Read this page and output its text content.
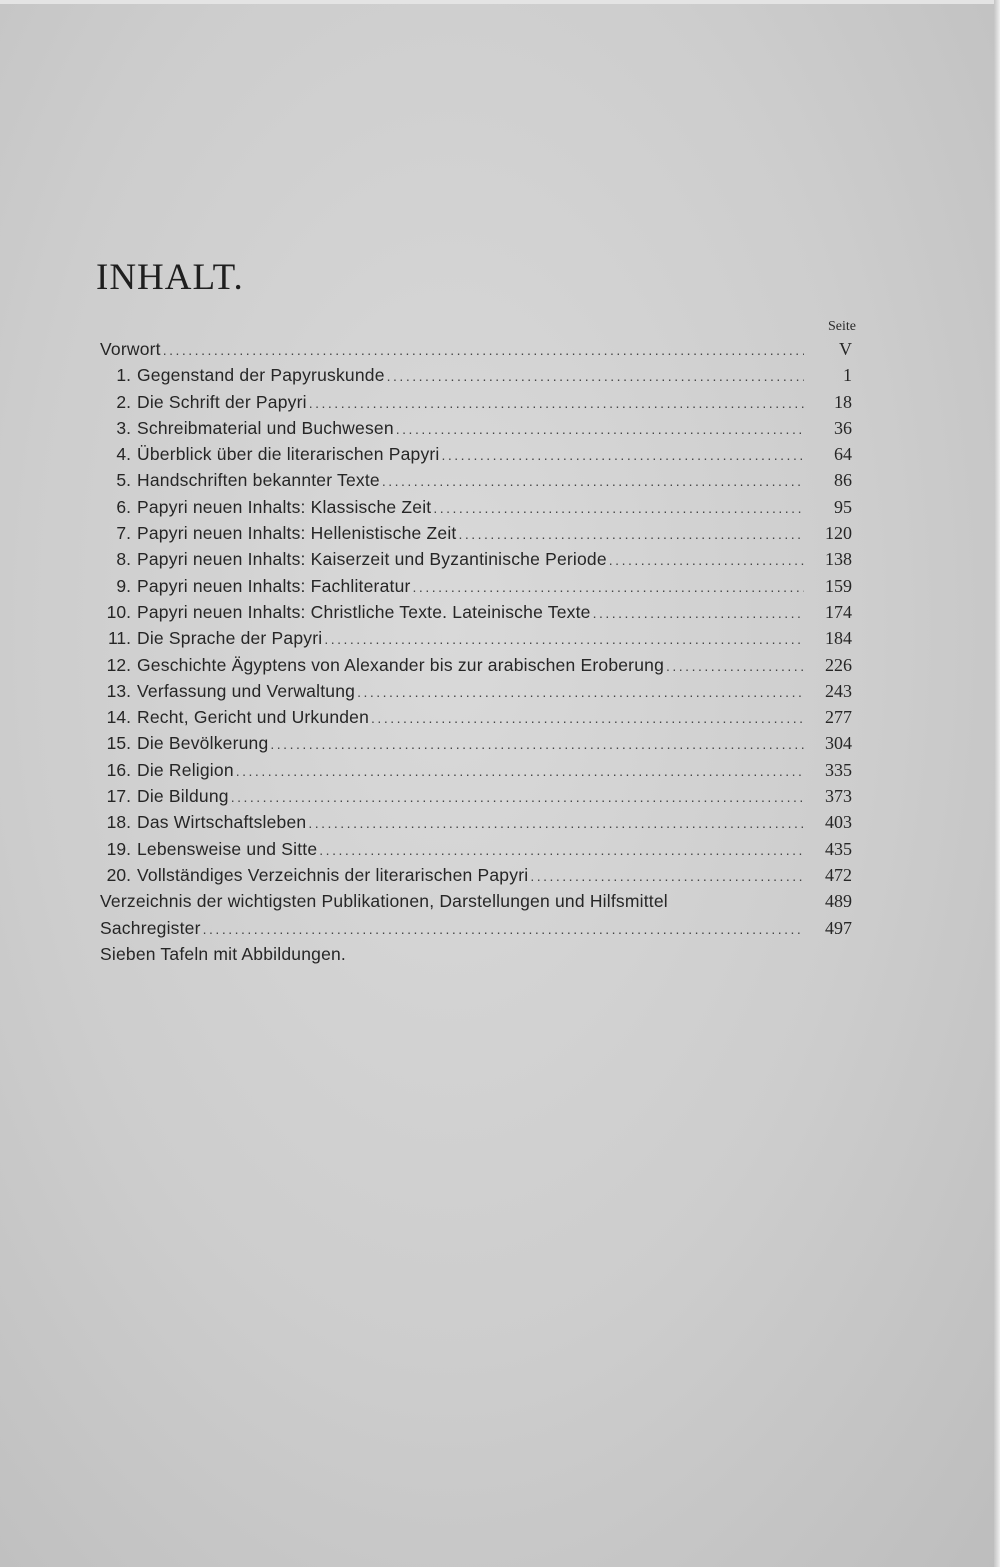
INHALT.
Seite
Vorwort .....	V
1. Gegenstand der Papyruskunde .....	1
2. Die Schrift der Papyri .....	18
3. Schreibmaterial und Buchwesen .....	36
4. Überblick über die literarischen Papyri .....	64
5. Handschriften bekannter Texte .....	86
6. Papyri neuen Inhalts: Klassische Zeit .....	95
7. Papyri neuen Inhalts: Hellenistische Zeit .....	120
8. Papyri neuen Inhalts: Kaiserzeit und Byzantinische Periode .....	138
9. Papyri neuen Inhalts: Fachliteratur .....	159
10. Papyri neuen Inhalts: Christliche Texte. Lateinische Texte .....	174
11. Die Sprache der Papyri .....	184
12. Geschichte Ägyptens von Alexander bis zur arabischen Eroberung .....	226
13. Verfassung und Verwaltung .....	243
14. Recht, Gericht und Urkunden .....	277
15. Die Bevölkerung .....	304
16. Die Religion .....	335
17. Die Bildung .....	373
18. Das Wirtschaftsleben .....	403
19. Lebensweise und Sitte .....	435
20. Vollständiges Verzeichnis der literarischen Papyri .....	472
Verzeichnis der wichtigsten Publikationen, Darstellungen und Hilfsmittel	489
Sachregister .....	497
Sieben Tafeln mit Abbildungen.
